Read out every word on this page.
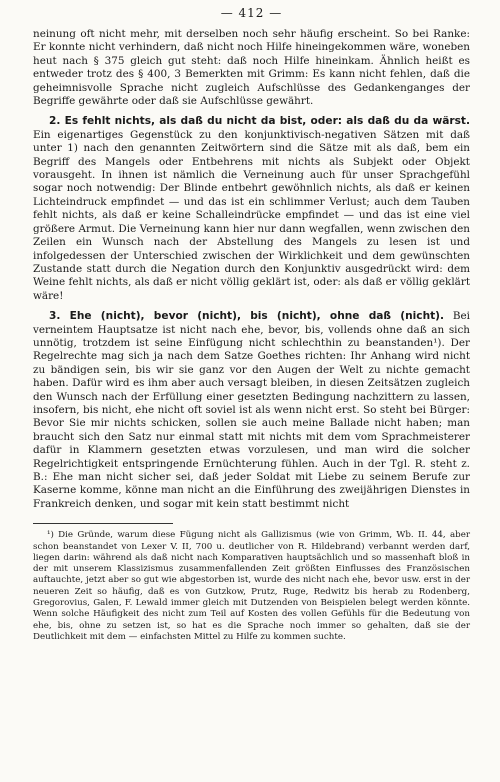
— 412 —

neinung oft nicht mehr, mit derselben noch sehr häufig erscheint. So bei Ranke: Er konnte nicht verhindern, daß nicht noch Hilfe hineingekommen wäre, woneben heut nach § 375 gleich gut steht: daß noch Hilfe hineinkam. Ähnlich heißt es entweder trotz des § 400, 3 Bemerkten mit Grimm: Es kann nicht fehlen, daß die geheimnisvolle Sprache nicht zugleich Aufschlüsse des Gedankenganges der Begriffe gewährte oder daß sie Aufschlüsse gewährt.

2. Es fehlt nichts, als daß du nicht da bist, oder: als daß du da wärst. Ein eigenartiges Gegenstück zu den konjunktivisch-negativen Sätzen mit daß unter 1) nach den genannten Zeitwörtern sind die Sätze mit als daß, bem ein Begriff des Mangels oder Entbehrens mit nichts als Subjekt oder Objekt vorausgeht. In ihnen ist nämlich die Verneinung auch für unser Sprachgefühl sogar noch notwendig: Der Blinde entbehrt gewöhnlich nichts, als daß er keinen Lichteindruck empfindet — und das ist ein schlimmer Verlust; auch dem Tauben fehlt nichts, als daß er keine Schalleindrücke empfindet — und das ist eine viel größere Armut. Die Verneinung kann hier nur dann wegfallen, wenn zwischen den Zeilen ein Wunsch nach der Abstellung des Mangels zu lesen ist und infolgedessen der Unterschied zwischen der Wirklichkeit und dem gewünschten Zustande statt durch die Negation durch den Konjunktiv ausgedrückt wird: dem Weine fehlt nichts, als daß er nicht völlig geklärt ist, oder: als daß er völlig geklärt wäre!

3. Ehe (nicht), bevor (nicht), bis (nicht), ohne daß (nicht). Bei verneintem Hauptsatze ist nicht nach ehe, bevor, bis, vollends ohne daß an sich unnötig, trotzdem ist seine Einfügung nicht schlechthin zu beanstanden¹). Der Regelrechte mag sich ja nach dem Satze Goethes richten: Ihr Anhang wird nicht zu bändigen sein, bis wir sie ganz vor den Augen der Welt zu nichte gemacht haben. Dafür wird es ihm aber auch versagt bleiben, in diesen Zeitsätzen zugleich den Wunsch nach der Erfüllung einer gesetzten Bedingung nachzittern zu lassen, insofern, bis nicht, ehe nicht oft soviel ist als wenn nicht erst. So steht bei Bürger: Bevor Sie mir nichts schicken, sollen sie auch meine Ballade nicht haben; man braucht sich den Satz nur einmal statt mit nichts mit dem vom Sprachmeisterer dafür in Klammern gesetzten etwas vorzulesen, und man wird die solcher Regelrichtigkeit entspringende Ernüchterung fühlen. Auch in der Tgl. R. steht z. B.: Ehe man nicht sicher sei, daß jeder Soldat mit Liebe zu seinem Berufe zur Kaserne komme, könne man nicht an die Einführung des zweijährigen Dienstes in Frankreich denken, und sogar mit kein statt bestimmt nicht

¹) Die Gründe, warum diese Fügung nicht als Gallizismus (wie von Grimm, Wb. II. 44, aber schon beanstandet von Lexer V. II, 700 u. deutlicher von R. Hildebrand) verbannt werden darf, liegen darin: während als daß nicht nach Komparativen hauptsächlich und so massenhaft bloß in der mit unserem Klassizismus zusammenfallenden Zeit größten Einflusses des Französischen auftauchte, jetzt aber so gut wie abgestorben ist, wurde des nicht nach ehe, bevor usw. erst in der neueren Zeit so häufig, daß es von Gutzkow, Prutz, Ruge, Redwitz bis herab zu Rodenberg, Gregorovius, Galen, F. Lewald immer gleich mit Dutzenden von Beispielen belegt werden könnte. Wenn solche Häufigkeit des nicht zum Teil auf Kosten des vollen Gefühls für die Bedeutung von ehe, bis, ohne zu setzen ist, so hat es die Sprache noch immer so gehalten, daß sie der Deutlichkeit mit dem — einfachsten Mittel zu Hilfe zu kommen suchte.
